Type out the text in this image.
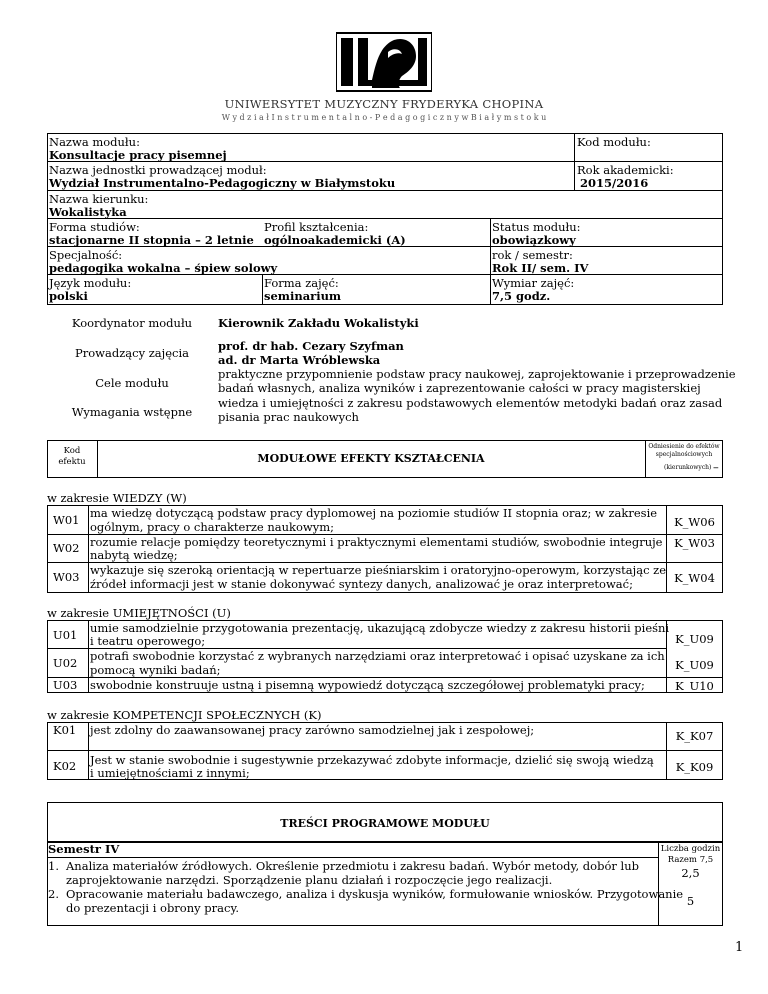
UNIWERSYTET MUZYCZNY FRYDERYKA CHOPINA
W y d z i a ł I n s t r u m e n t a l n o - P e d a g o g i c z n y w B i a ł y m s t o k u
Nazwa modułu:
Konsultacje pracy pisemnej
Kod modułu:
Nazwa jednostki prowadzącej moduł:
Wydział Instrumentalno-Pedagogiczny w Białymstoku
Rok akademicki:
2015/2016
Nazwa kierunku:
Wokalistyka
Forma studiów:
stacjonarne II stopnia – 2 letnie
Profil kształcenia:
ogólnoakademicki (A)
Status modułu:
obowiązkowy
Specjalność:
pedagogika wokalna – śpiew solowy
rok / semestr:
Rok II/ sem. IV
Język modułu:
polski
Forma zajęć:
seminarium
Wymiar zajęć:
7,5 godz.
Koordynator modułu	Kierownik Zakładu Wokalistyki
Prowadzący zajęcia	prof. dr hab. Cezary Szyfman
ad. dr Marta Wróblewska
Cele modułu
praktyczne przypomnienie podstaw pracy naukowej, zaprojektowanie i przeprowadzenie
badań własnych, analiza wyników i zaprezentowanie całości w pracy magisterskiej
Wymagania wstępne
wiedza i umiejętności z zakresu podstawowych elementów metodyki badań oraz zasad
pisania prac naukowych
Kod
efektu	MODUŁOWE EFEKTY KSZTAŁCENIA
Odniesienie do efektów
specjalnościowych
(kierunkowych) –
w zakresie WIEDZY (W)
W01 ma wiedzę dotyczącą podstaw pracy dyplomowej na poziomie studiów II stopnia oraz; w zakresie
ogólnym, pracy o charakterze naukowym;	K_W06
W02 rozumie relacje pomiędzy teoretycznymi i praktycznymi elementami studiów, swobodnie integruje
nabytą wiedzę;
K_W03
W03 wykazuje się szeroką orientacją w repertuarze pieśniarskim i oratoryjno-operowym, korzystając ze
źródeł informacji jest w stanie dokonywać syntezy danych, analizować je oraz interpretować;	K_W04
w zakresie UMIEJĘTNOŚCI (U)
U01 umie samodzielnie przygotowania prezentację, ukazującą zdobycze wiedzy z zakresu historii pieśni
i teatru operowego;	K_U09
U02 potrafi swobodnie korzystać z wybranych narzędziami oraz interpretować i opisać uzyskane za ich
pomocą wyniki badań;	K_U09
U03 swobodnie konstruuje ustną i pisemną wypowiedź dotyczącą szczegółowej problematyki pracy;	K_U10
w zakresie KOMPETENCJI SPOŁECZNYCH (K)
K01 jest zdolny do zaawansowanej pracy zarówno samodzielnej jak i zespołowej;	K_K07
K02 Jest w stanie swobodnie i sugestywnie przekazywać zdobyte informacje, dzielić się swoją wiedzą
i umiejętnościami z innymi;	K_K09
TREŚCI PROGRAMOWE MODUŁU
Semestr IV	Liczba godzin
Razem 7,5
1. Analiza materiałów źródłowych. Określenie przedmiotu i zakresu badań. Wybór metody, dobór lub
zaprojektowanie narzędzi. Sporządzenie planu działań i rozpoczęcie jego realizacji.	2,5
2. Opracowanie materiału badawczego, analiza i dyskusja wyników, formułowanie wniosków. Przygotowanie
do prezentacji i obrony pracy.	5
1
